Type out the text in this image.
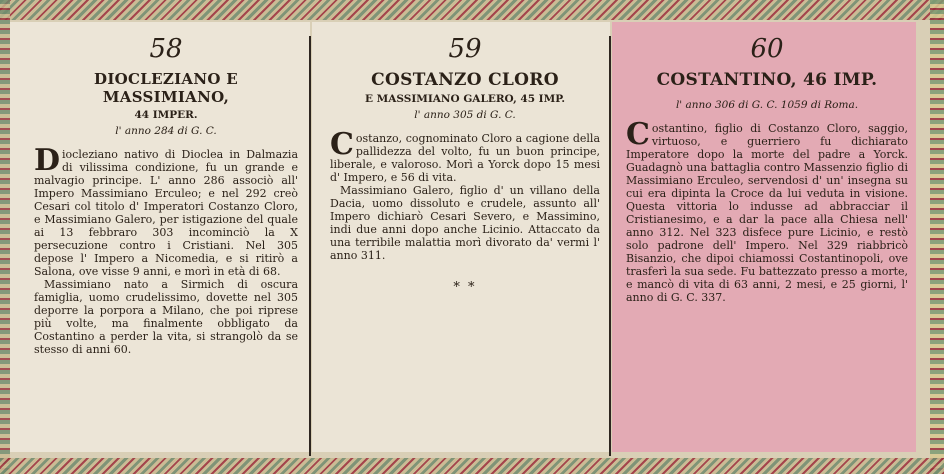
58
DIOCLEZIANO E MASSIMIANO,
44 IMPER.
l' anno 284 di G. C.

Diocleziano nativo di Dioclea in Dalmazia di vilissima condizione, fu un grande e malvagio principe. L' anno 286 associò all' Impero Massimiano Erculeo; e nel 292 creò Cesari col titolo d' Imperatori Costanzo Cloro, e Massimiano Galero, per istigazione del quale ai 13 febbraro 303 incominciò la X persecuzione contro i Cristiani. Nel 305 depose l' Impero a Nicomedia, e si ritirò a Salona, ove visse 9 anni, e morì in età di 68.

Massimiano nato a Sirmich di oscura famiglia, uomo crudelissimo, dovette nel 305 deporre la porpora a Milano, che poi riprese più volte, ma finalmente obbligato da Costantino a perder la vita, si strangolò da se stesso di anni 60.

59
COSTANZO CLORO
E MASSIMIANO GALERO, 45 IMP.
l' anno 305 di G. C.

Costanzo, cognominato Cloro a cagione della pallidezza del volto, fu un buon principe, liberale, e valoroso. Morì a Yorck dopo 15 mesi d' Impero, e 56 di vita.

Massimiano Galero, figlio d' un villano della Dacia, uomo dissoluto e crudele, assunto all' Impero dichiarò Cesari Severo, e Massimino, indi due anni dopo anche Licinio. Attaccato da una terribile malattia morì divorato da' vermi l' anno 311.

* *
60
COSTANTINO, 46 IMP.
l' anno 306 di G. C. 1059 di Roma.

Costantino, figlio di Costanzo Cloro, saggio, virtuoso, e guerriero fu dichiarato Imperatore dopo la morte del padre a Yorck. Guadagnò una battaglia contro Massenzio figlio di Massimiano Erculeo, servendosi d' un' insegna su cui era dipinta la Croce da lui veduta in visione. Questa vittoria lo indusse ad abbracciar il Cristianesimo, e a dar la pace alla Chiesa nell' anno 312. Nel 323 disfece pure Licinio, e restò solo padrone dell' Impero. Nel 329 riabbricò Bisanzio, che dipoi chiamossi Costantinopoli, ove trasferì la sua sede. Fu battezzato presso a morte, e mancò di vita di 63 anni, 2 mesi, e 25 giorni, l' anno di G. C. 337.
